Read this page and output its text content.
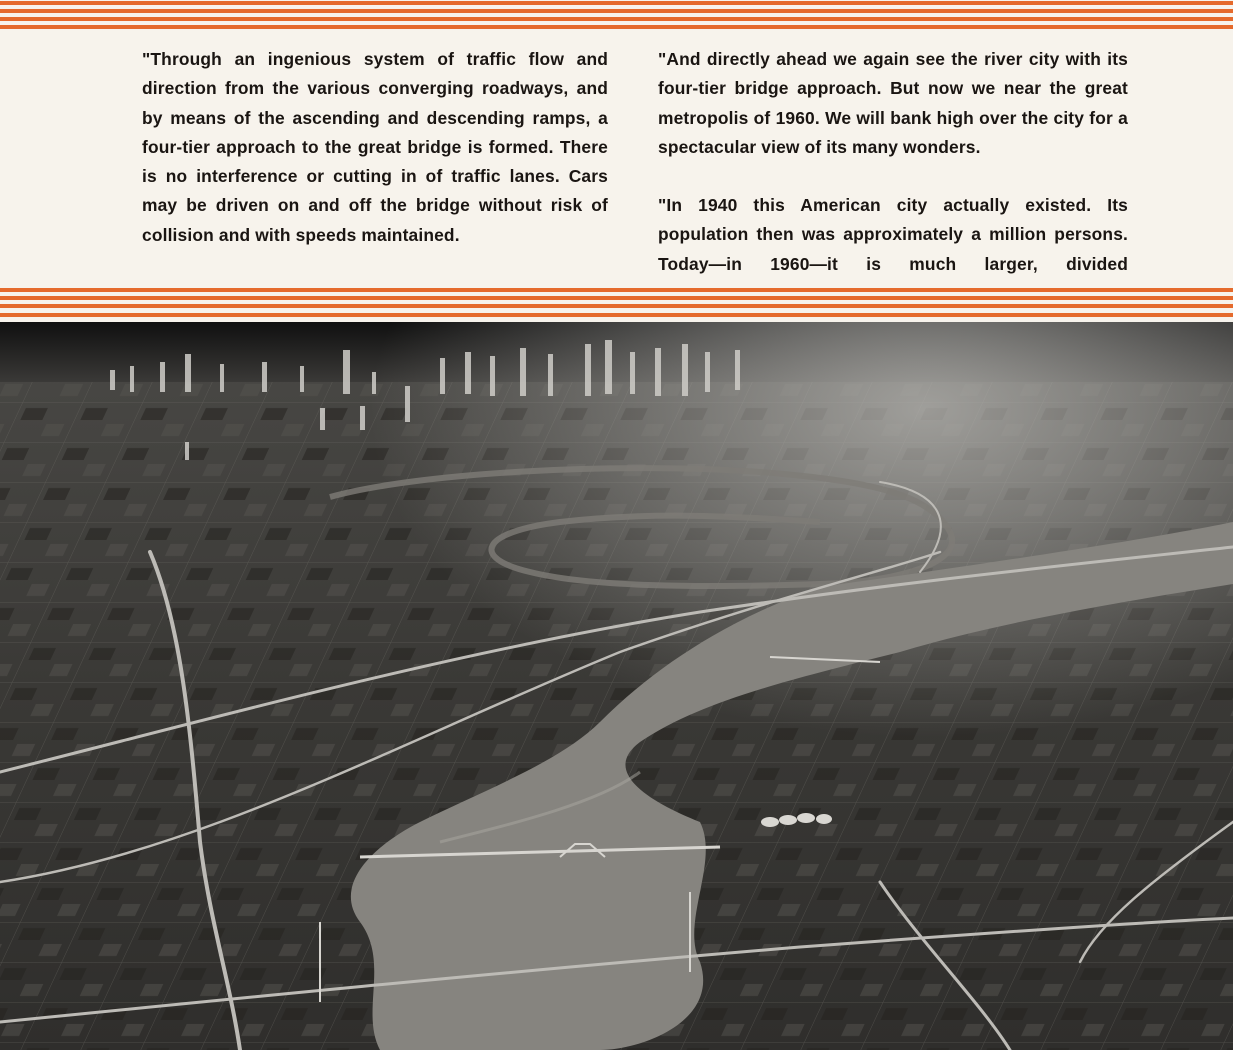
"Through an ingenious system of traffic flow and direction from the various converging roadways, and by means of the ascending and descending ramps, a four-tier approach to the great bridge is formed. There is no interference or cutting in of traffic lanes. Cars may be driven on and off the bridge without risk of collision and with speeds maintained.

"And directly ahead we again see the river city with its four-tier bridge approach. But now we near the great metropolis of 1960. We will bank high over the city for a spectacular view of its many wonders.

"In 1940 this American city actually existed. Its population then was approximately a million persons. Today—in 1960—it is much larger, divided
